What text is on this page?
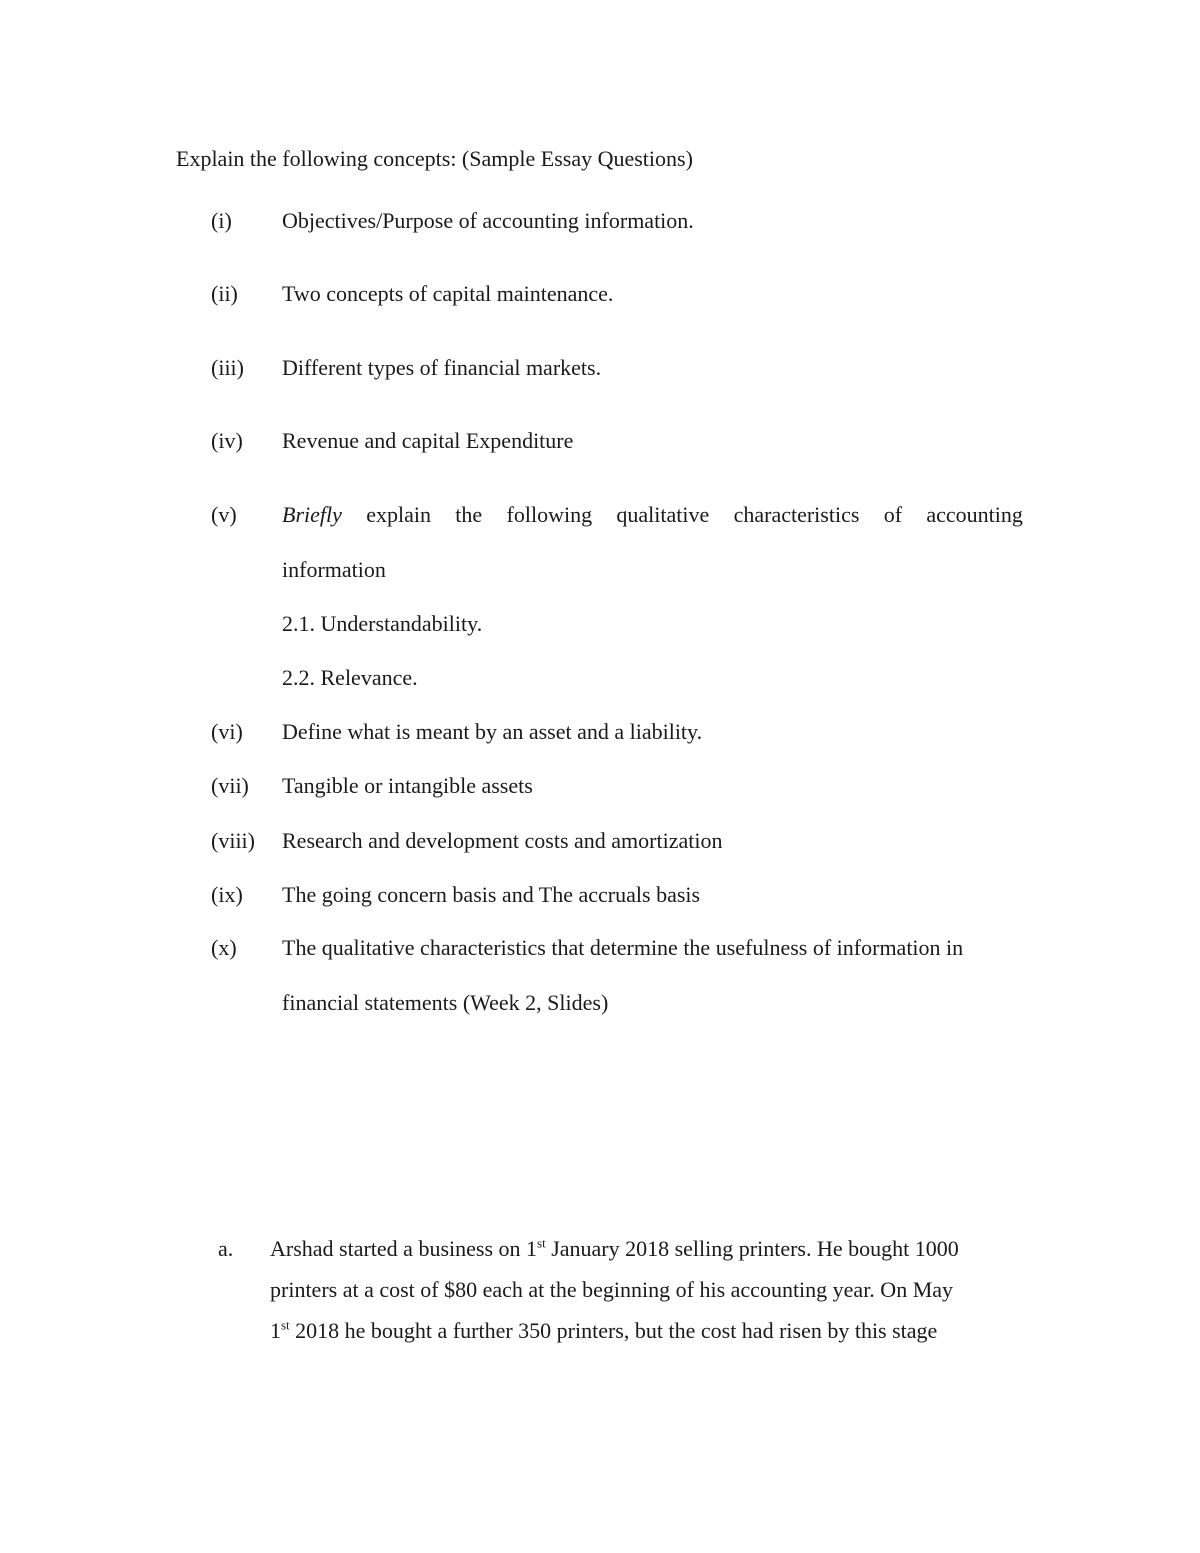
Explain the following concepts: (Sample Essay Questions)
(i) Objectives/Purpose of accounting information.
(ii) Two concepts of capital maintenance.
(iii) Different types of financial markets.
(iv) Revenue and capital Expenditure
(v) Briefly explain the following qualitative characteristics of accounting
information
2.1. Understandability.
2.2. Relevance.
(vi) Define what is meant by an asset and a liability.
(vii) Tangible or intangible assets
(viii) Research and development costs and amortization
(ix) The going concern basis and The accruals basis
(x) The qualitative characteristics that determine the usefulness of information in
financial statements (Week 2, Slides)
a. Arshad started a business on 1st January 2018 selling printers. He bought 1000
printers at a cost of $80 each at the beginning of his accounting year. On May
1st 2018 he bought a further 350 printers, but the cost had risen by this stage
